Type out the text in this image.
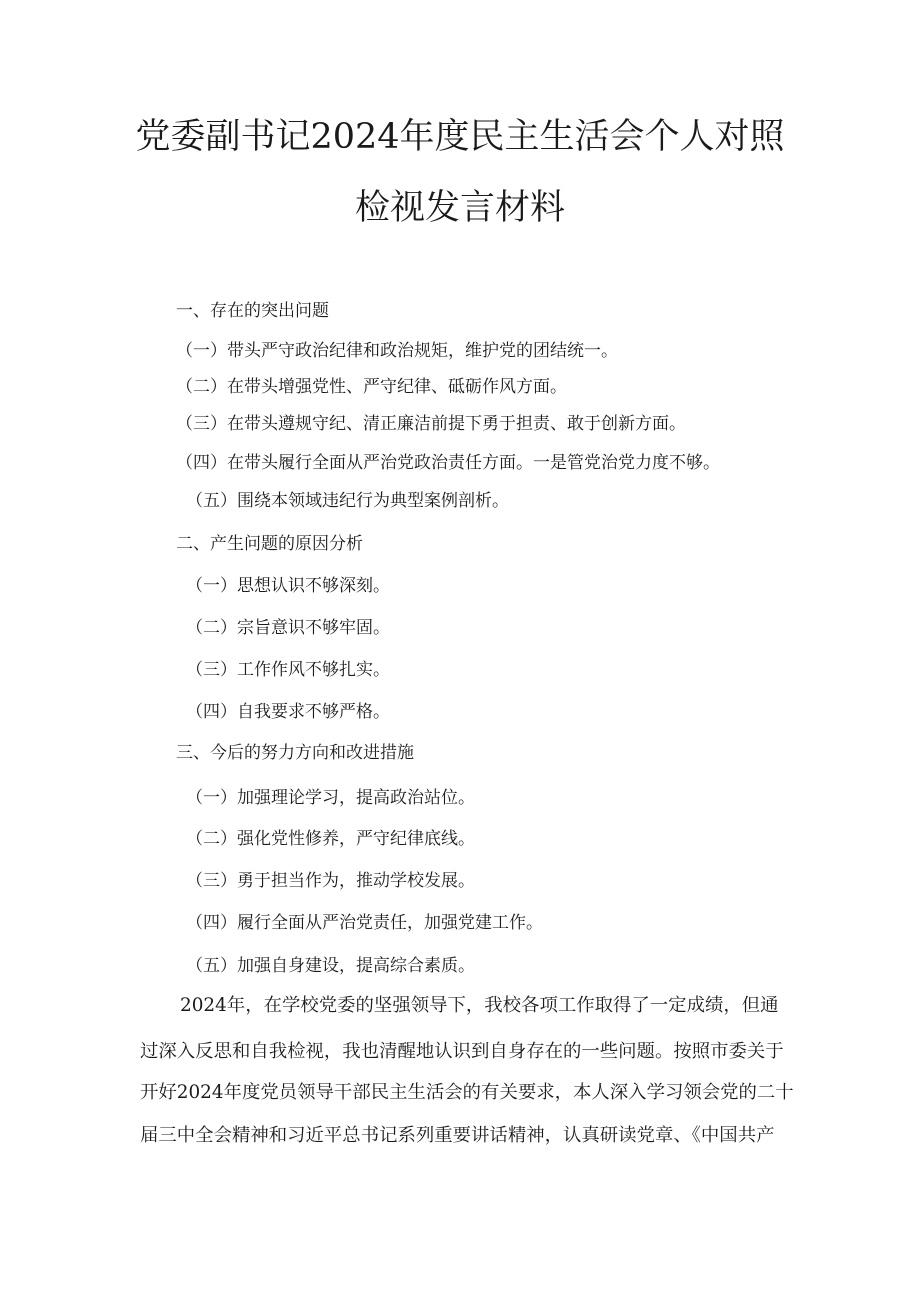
党委副书记2024年度民主生活会个人对照
检视发言材料

一、存在的突出问题

（一）带头严守政治纪律和政治规矩，维护党的团结统一。

（二）在带头增强党性、严守纪律、砥砺作风方面。

（三）在带头遵规守纪、清正廉洁前提下勇于担责、敢于创新方面。

（四）在带头履行全面从严治党政治责任方面。一是管党治党力度不够。

（五）围绕本领域违纪行为典型案例剖析。

二、产生问题的原因分析

（一）思想认识不够深刻。

（二）宗旨意识不够牢固。

（三）工作作风不够扎实。

（四）自我要求不够严格。

三、今后的努力方向和改进措施

（一）加强理论学习，提高政治站位。

（二）强化党性修养，严守纪律底线。

（三）勇于担当作为，推动学校发展。

（四）履行全面从严治党责任，加强党建工作。

（五）加强自身建设，提高综合素质。

2024年，在学校党委的坚强领导下，我校各项工作取得了一定成绩，但通

过深入反思和自我检视，我也清醒地认识到自身存在的一些问题。按照市委关于

开好2024年度党员领导干部民主生活会的有关要求，本人深入学习领会党的二十

届三中全会精神和习近平总书记系列重要讲话精神，认真研读党章、《中国共产
